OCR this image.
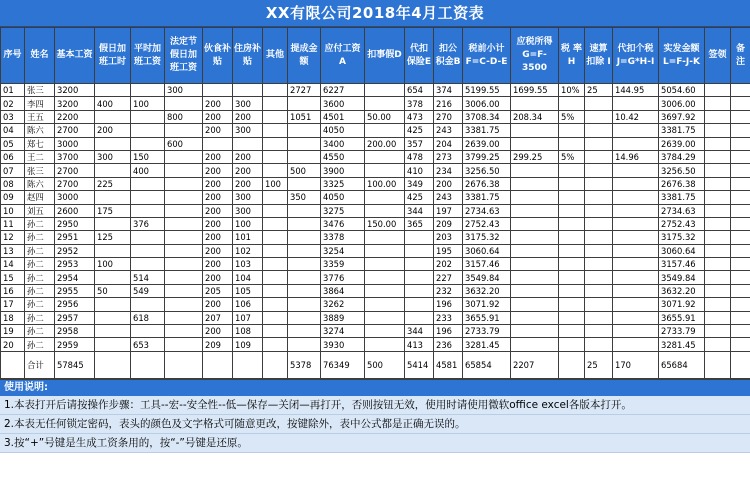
XX有限公司2018年4月工资表
序号	姓名	基本工资	假日加班工时	平时加班工资	法定节假日加班工资	伙食补贴	住房补贴	其他	提成金额	应付工资A	扣事假D	代扣保险E	扣公积金B	税前小计F=C-D-E	应税所得G=F-3500	税 率H	速算扣除 I	代扣个税J=G*H-I	实发金额L=F-J-K	签领	备注
01	张三	3200			300				2727	6227		654	374	5199.55	1699.55	10%	25	144.95	5054.60		
02	李四	3200	400	100		200	300			3600		378	216	3006.00					3006.00		
03	王五	2200			800	200	200		1051	4501	50.00	473	270	3708.34	208.34	5%		10.42	3697.92		
04	陈六	2700	200			200	300			4050		425	243	3381.75					3381.75		
05	郑七	3000			600					3400	200.00	357	204	2639.00					2639.00		
06	王二	3700	300	150		200	200			4550		478	273	3799.25	299.25	5%		14.96	3784.29		
07	张三	2700		400		200	200		500	3900		410	234	3256.50					3256.50		
08	陈六	2700	225			200	200	100		3325	100.00	349	200	2676.38					2676.38		
09	赵四	3000				200	300		350	4050		425	243	3381.75					3381.75		
10	刘五	2600	175			200	300			3275		344	197	2734.63					2734.63		
11	孙二	2950		376		200	100			3476	150.00	365	209	2752.43					2752.43		
12	孙二	2951	125			200	101			3378			203	3175.32					3175.32		
13	孙二	2952				200	102			3254			195	3060.64					3060.64		
14	孙二	2953	100			200	103			3359			202	3157.46					3157.46		
15	孙二	2954		514		200	104			3776			227	3549.84					3549.84		
16	孙二	2955	50	549		205	105			3864			232	3632.20					3632.20		
17	孙二	2956				200	106			3262			196	3071.92					3071.92		
18	孙二	2957		618		207	107			3889			233	3655.91					3655.91		
19	孙二	2958				200	108			3274		344	196	2733.79					2733.79		
20	孙二	2959		653		209	109			3930		413	236	3281.45					3281.45		
	合计	57845							5378	76349	500	5414	4581	65854	2207		25	170	65684		
使用说明:
1.本表打开后请按操作步骤：工具--宏--安全性--低—保存—关闭—再打开，否则按钮无效，使用时请使用微软office excel各版本打开。
2.本表无任何锁定密码，表头的颜色及文字格式可随意更改，按键除外，表中公式都是正确无误的。
3.按“+”号键是生成工资条用的，按“-”号键是还原。
